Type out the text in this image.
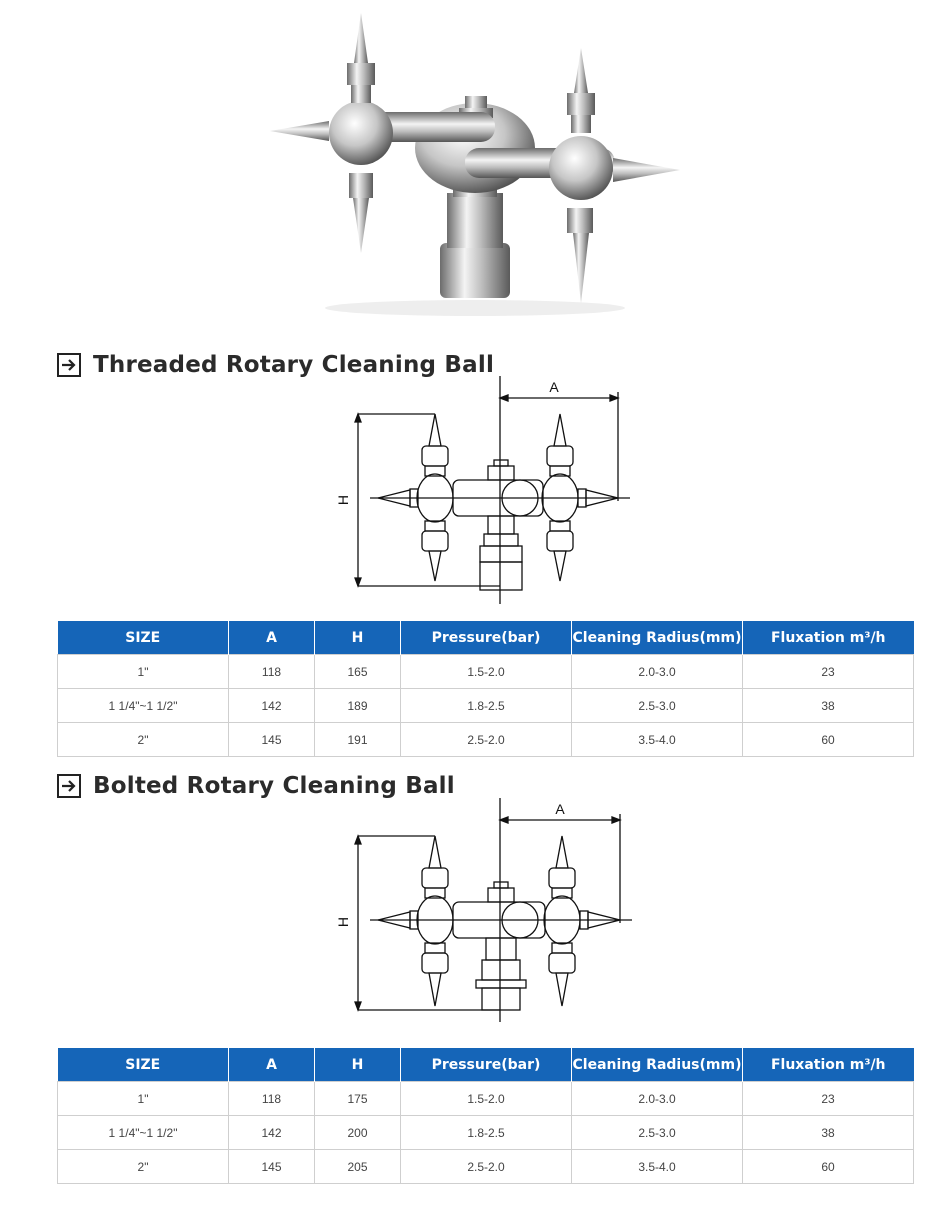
Threaded Rotary Cleaning Ball
A
H
SIZE	A	H	Pressure(bar)	Cleaning Radius(mm)	Fluxation m³/h
1"	118	165	1.5-2.0	2.0-3.0	23
1 1/4"~1 1/2"	142	189	1.8-2.5	2.5-3.0	38
2"	145	191	2.5-2.0	3.5-4.0	60
Bolted Rotary Cleaning Ball
A
H
SIZE	A	H	Pressure(bar)	Cleaning Radius(mm)	Fluxation m³/h
1"	118	175	1.5-2.0	2.0-3.0	23
1 1/4"~1 1/2"	142	200	1.8-2.5	2.5-3.0	38
2"	145	205	2.5-2.0	3.5-4.0	60
